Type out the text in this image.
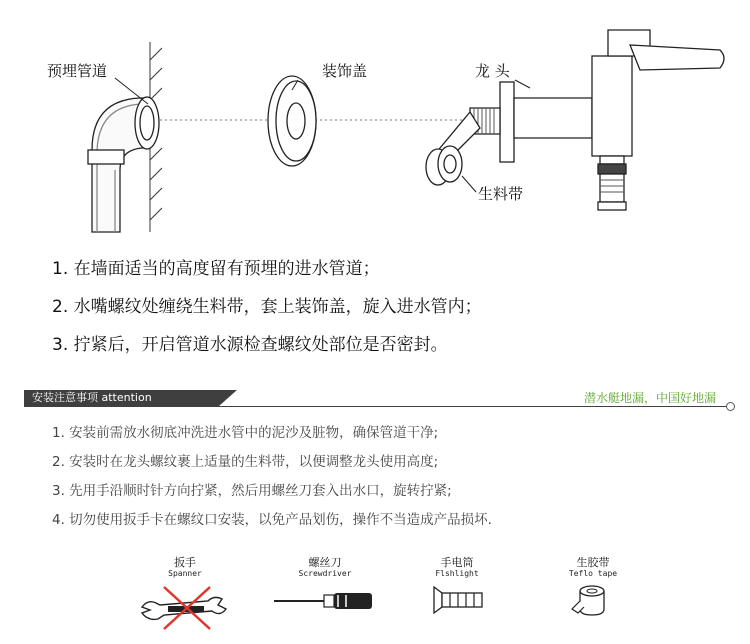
预埋管道	装饰盖	龙 头
生料带
1. 在墙面适当的高度留有预埋的进水管道；
2. 水嘴螺纹处缠绕生料带，套上装饰盖，旋入进水管内；
3. 拧紧后，开启管道水源检查螺纹处部位是否密封。
安装注意事项 attention	潜水艇地漏，中国好地漏
1. 安装前需放水彻底冲洗进水管中的泥沙及脏物，确保管道干净;
2. 安装时在龙头螺纹裹上适量的生料带，以便调整龙头使用高度;
3. 先用手沿顺时针方向拧紧，然后用螺丝刀套入出水口，旋转拧紧;
4. 切勿使用扳手卡在螺纹口安装，以免产品划伤，操作不当造成产品损坏.
扳手
Spanner
螺丝刀
Screwdriver
手电筒
Flshlight
生胶带
Teflo tape
